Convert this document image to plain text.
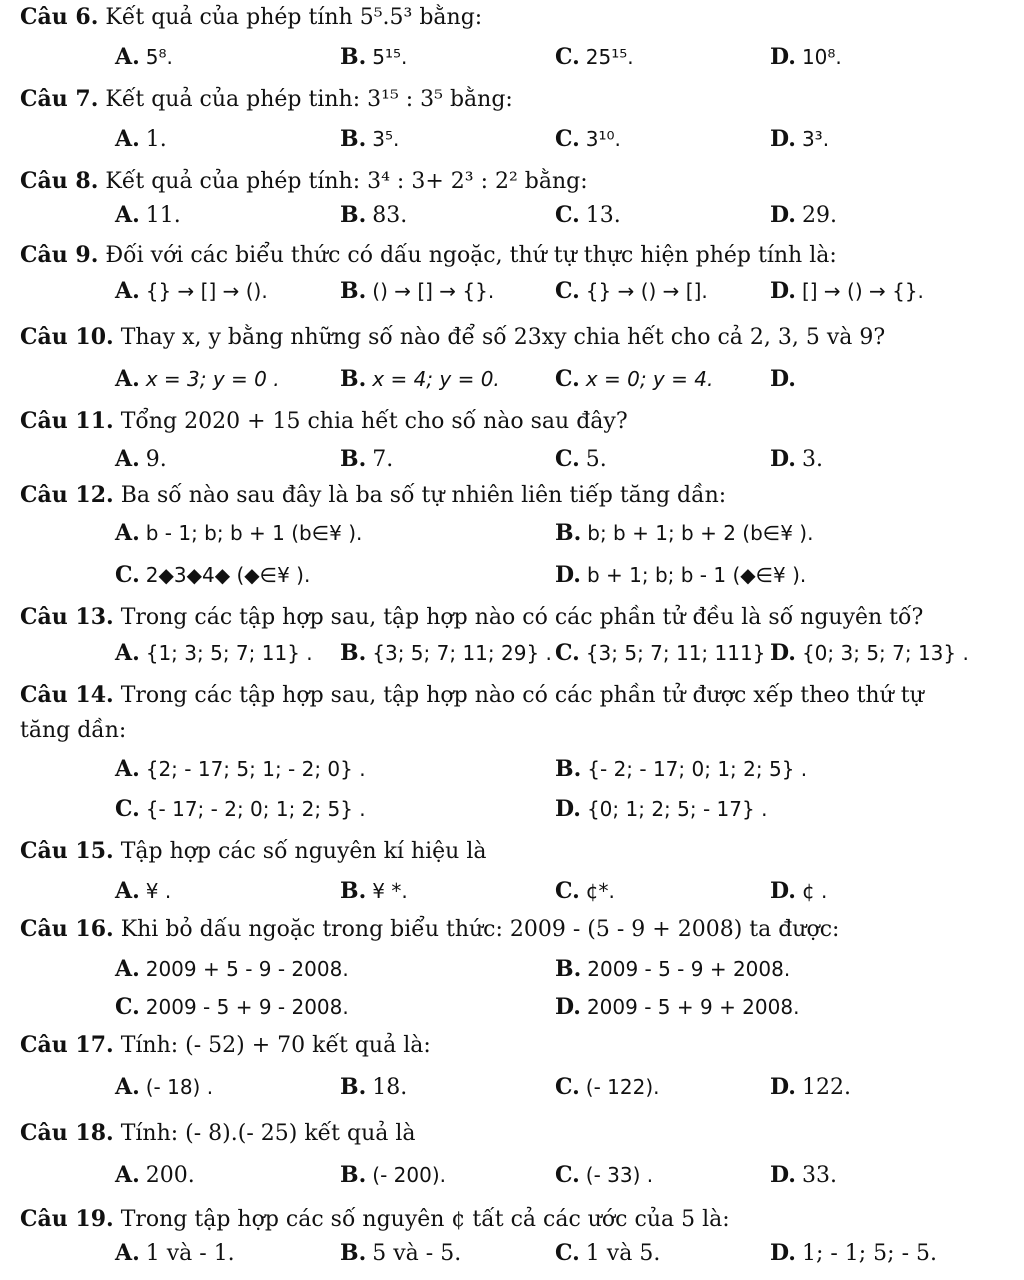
Câu 6. Kết quả của phép tính 5⁵.5³ bằng:
A. 5⁸.	B. 5¹⁵.	C. 25¹⁵.	D. 10⁸.
Câu 7. Kết quả của phép tinh: 3¹⁵ : 3⁵ bằng:
A. 1.	B. 3⁵.	C. 3¹⁰.	D. 3³.
Câu 8. Kết quả của phép tính: 3⁴ : 3+ 2³ : 2² bằng:
A. 11.	B. 83.	C. 13.	D. 29.
Câu 9. Đối với các biểu thức có dấu ngoặc, thứ tự thực hiện phép tính là:
A. {} → [] → ().	B. () → [] → {}.	C. {} → () → [].	D. [] → () → {}.
Câu 10. Thay x, y bằng những số nào để số 23xy chia hết cho cả 2, 3, 5 và 9?
A. x = 3; y = 0 .	B. x = 4; y = 0.	C. x = 0; y = 4.	D.
Câu 11. Tổng 2020 + 15 chia hết cho số nào sau đây?
A. 9.	B. 7.	C. 5.	D. 3.
Câu 12. Ba số nào sau đây là ba số tự nhiên liên tiếp tăng dần:
A. b - 1; b; b + 1 (b∈¥ ).	B. b; b + 1; b + 2 (b∈¥ ).
C. 2◆3◆4◆ (◆∈¥ ).	D. b + 1; b; b - 1 (◆∈¥ ).
Câu 13. Trong các tập hợp sau, tập hợp nào có các phần tử đều là số nguyên tố?
A. {1; 3; 5; 7; 11} . B. {3; 5; 7; 11; 29} . C. {3; 5; 7; 11; 111} .
D. {0; 3; 5; 7; 13} .
Câu 14. Trong các tập hợp sau, tập hợp nào có các phần tử được xếp theo thứ tự
tăng dần:
A. {2; - 17; 5; 1; - 2; 0} .	B. {- 2; - 17; 0; 1; 2; 5} .
C. {- 17; - 2; 0; 1; 2; 5} .	D. {0; 1; 2; 5; - 17} .
Câu 15. Tập hợp các số nguyên kí hiệu là
A. ¥ .	B. ¥ *.	C. ¢*.	D. ¢ .
Câu 16. Khi bỏ dấu ngoặc trong biểu thức: 2009 - (5 - 9 + 2008) ta được:
A. 2009 + 5 - 9 - 2008.	B. 2009 - 5 - 9 + 2008.
C. 2009 - 5 + 9 - 2008.	D. 2009 - 5 + 9 + 2008.
Câu 17. Tính: (- 52) + 70 kết quả là:
A. (- 18) .	B. 18.	C. (- 122).	D. 122.
Câu 18. Tính: (- 8).(- 25) kết quả là
A. 200.	B. (- 200).	C. (- 33) .	D. 33.
Câu 19. Trong tập hợp các số nguyên ¢ tất cả các ước của 5 là:
A. 1 và - 1.	B. 5 và - 5.	C. 1 và 5.	D. 1; - 1; 5; - 5.
